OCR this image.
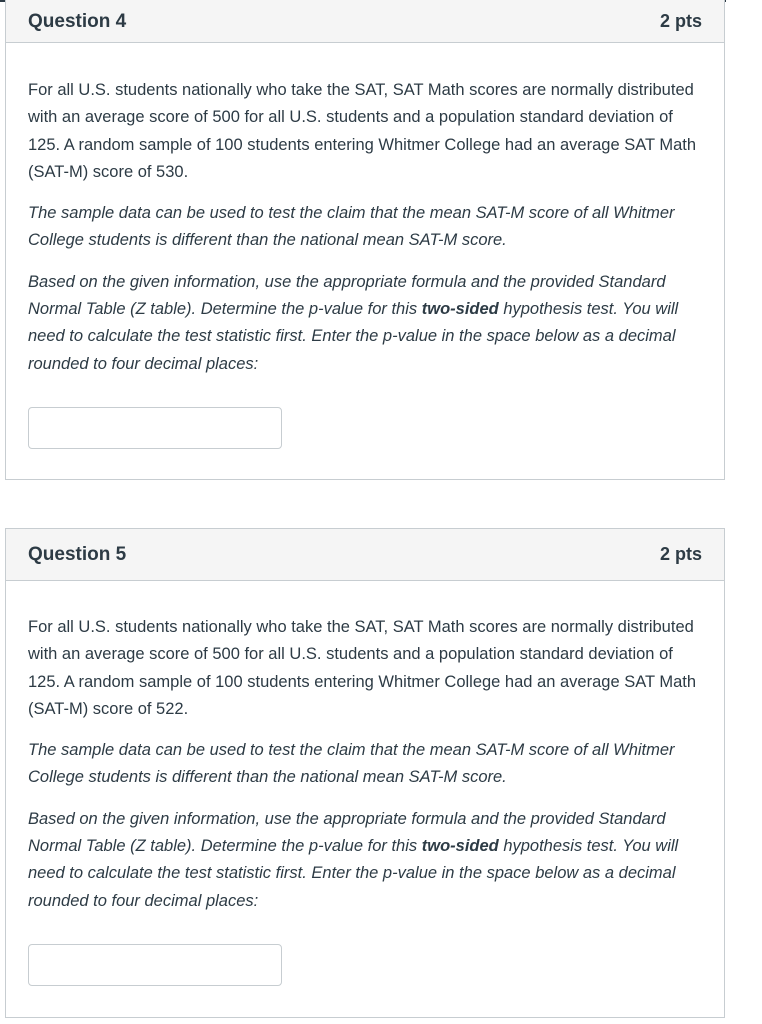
Question 4	2 pts

For all U.S. students nationally who take the SAT, SAT Math scores are normally distributed with an average score of 500 for all U.S. students and a population standard deviation of 125. A random sample of 100 students entering Whitmer College had an average SAT Math (SAT-M) score of 530.

The sample data can be used to test the claim that the mean SAT-M score of all Whitmer College students is different than the national mean SAT-M score.

Based on the given information, use the appropriate formula and the provided Standard Normal Table (Z table). Determine the p-value for this two-sided hypothesis test. You will need to calculate the test statistic first. Enter the p-value in the space below as a decimal rounded to four decimal places:

Question 5	2 pts

For all U.S. students nationally who take the SAT, SAT Math scores are normally distributed with an average score of 500 for all U.S. students and a population standard deviation of 125. A random sample of 100 students entering Whitmer College had an average SAT Math (SAT-M) score of 522.

The sample data can be used to test the claim that the mean SAT-M score of all Whitmer College students is different than the national mean SAT-M score.

Based on the given information, use the appropriate formula and the provided Standard Normal Table (Z table). Determine the p-value for this two-sided hypothesis test. You will need to calculate the test statistic first. Enter the p-value in the space below as a decimal rounded to four decimal places:
